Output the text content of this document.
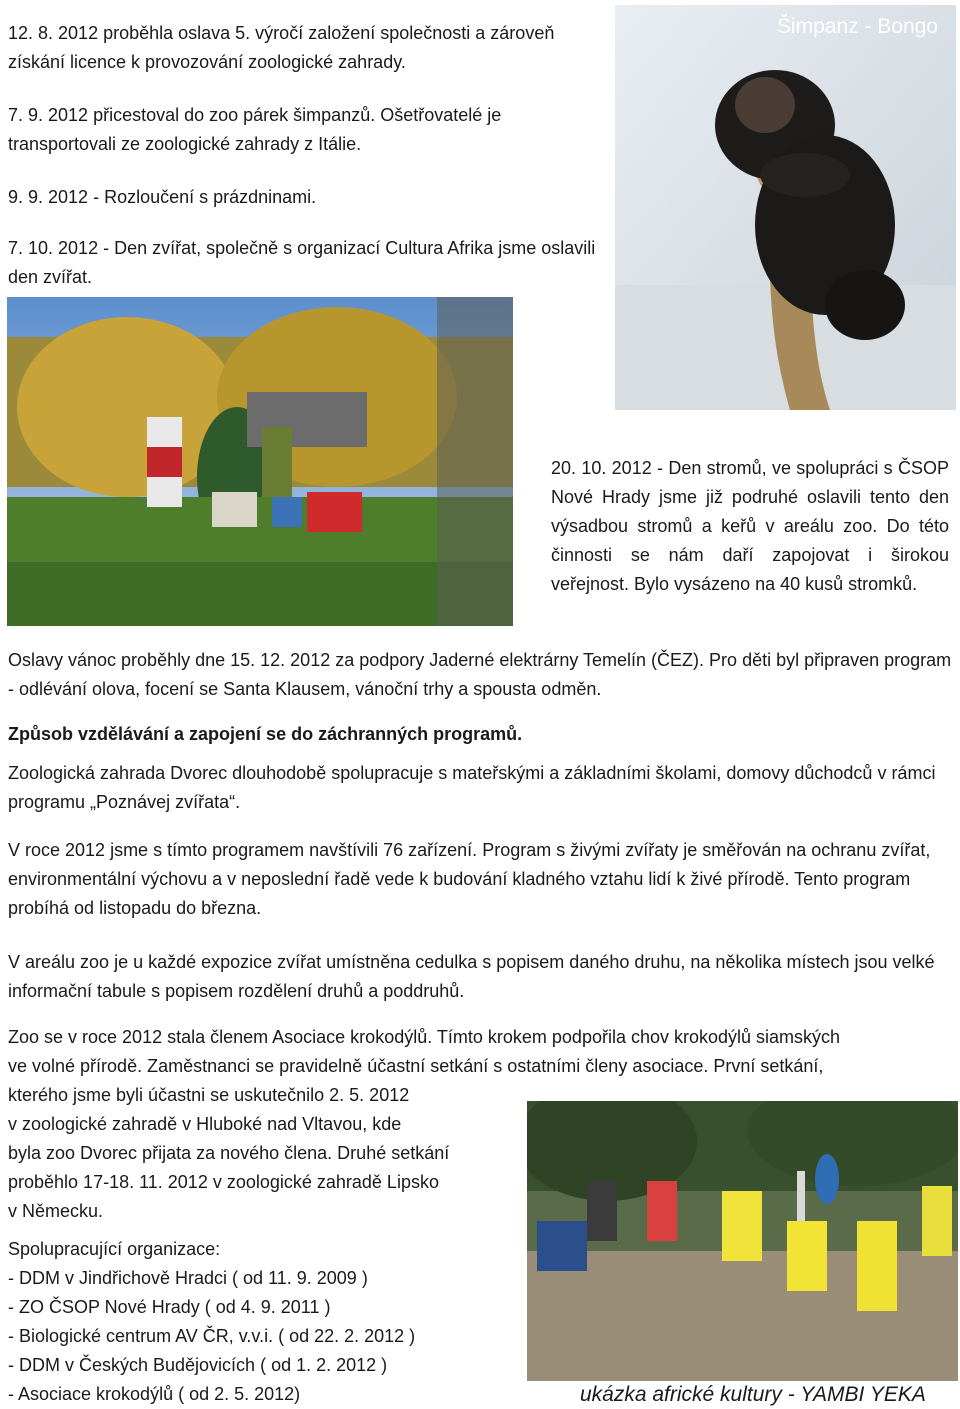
12. 8. 2012 proběhla oslava 5. výročí založení společnosti a zároveň získání licence k provozování zoologické zahrady.

7. 9. 2012 přicestoval do zoo párek šimpanzů. Ošetřovatelé je transportovali ze zoologické zahrady z Itálie.

9. 9. 2012 - Rozloučení s prázdninami.

7. 10. 2012 - Den zvířat, společně s organizací Cultura Afrika jsme oslavili den zvířat.

Šimpanz - Bongo

20. 10. 2012 - Den stromů, ve spolupráci s ČSOP Nové Hrady jsme již podruhé oslavili tento den výsadbou stromů a keřů v areálu zoo. Do této činnosti se nám daří zapojovat i širokou veřejnost. Bylo vysázeno na 40 kusů stromků.

Oslavy vánoc proběhly dne 15. 12. 2012 za podpory Jaderné elektrárny Temelín (ČEZ). Pro děti byl připraven program - odlévání olova, focení se Santa Klausem, vánoční trhy a spousta odměn.

Způsob vzdělávání a zapojení se do záchranných programů.

Zoologická zahrada Dvorec dlouhodobě spolupracuje s mateřskými a základními školami, domovy důchodců v rámci programu „Poznávej zvířata“.

V roce 2012 jsme s tímto programem navštívili 76 zařízení. Program s živými zvířaty je směřován na ochranu zvířat, environmentální výchovu a v neposlední řadě vede k budování kladného vztahu lidí k živé přírodě. Tento program probíhá od listopadu do března.

V areálu zoo je u každé expozice zvířat umístněna cedulka s popisem daného druhu, na několika místech jsou velké informační tabule s popisem rozdělení druhů a poddruhů.

Zoo se v roce 2012 stala členem Asociace krokodýlů. Tímto krokem podpořila chov krokodýlů siamských
ve volné přírodě. Zaměstnanci se pravidelně účastní setkání s ostatními členy asociace. První setkání,
kterého jsme byli účastni se uskutečnilo 2. 5. 2012
v zoologické zahradě v Hluboké nad Vltavou, kde
byla zoo Dvorec přijata za nového člena. Druhé setkání
proběhlo 17-18. 11. 2012 v zoologické zahradě Lipsko
v Německu.
Spolupracující organizace:
- DDM v Jindřichově Hradci ( od 11. 9. 2009 )
- ZO ČSOP Nové Hrady ( od 4. 9. 2011 )
- Biologické centrum AV ČR, v.v.i. ( od 22. 2. 2012 )
- DDM v Českých Budějovicích ( od 1. 2. 2012 )
- Asociace krokodýlů ( od 2. 5. 2012)	ukázka africké kultury - YAMBI YEKA
